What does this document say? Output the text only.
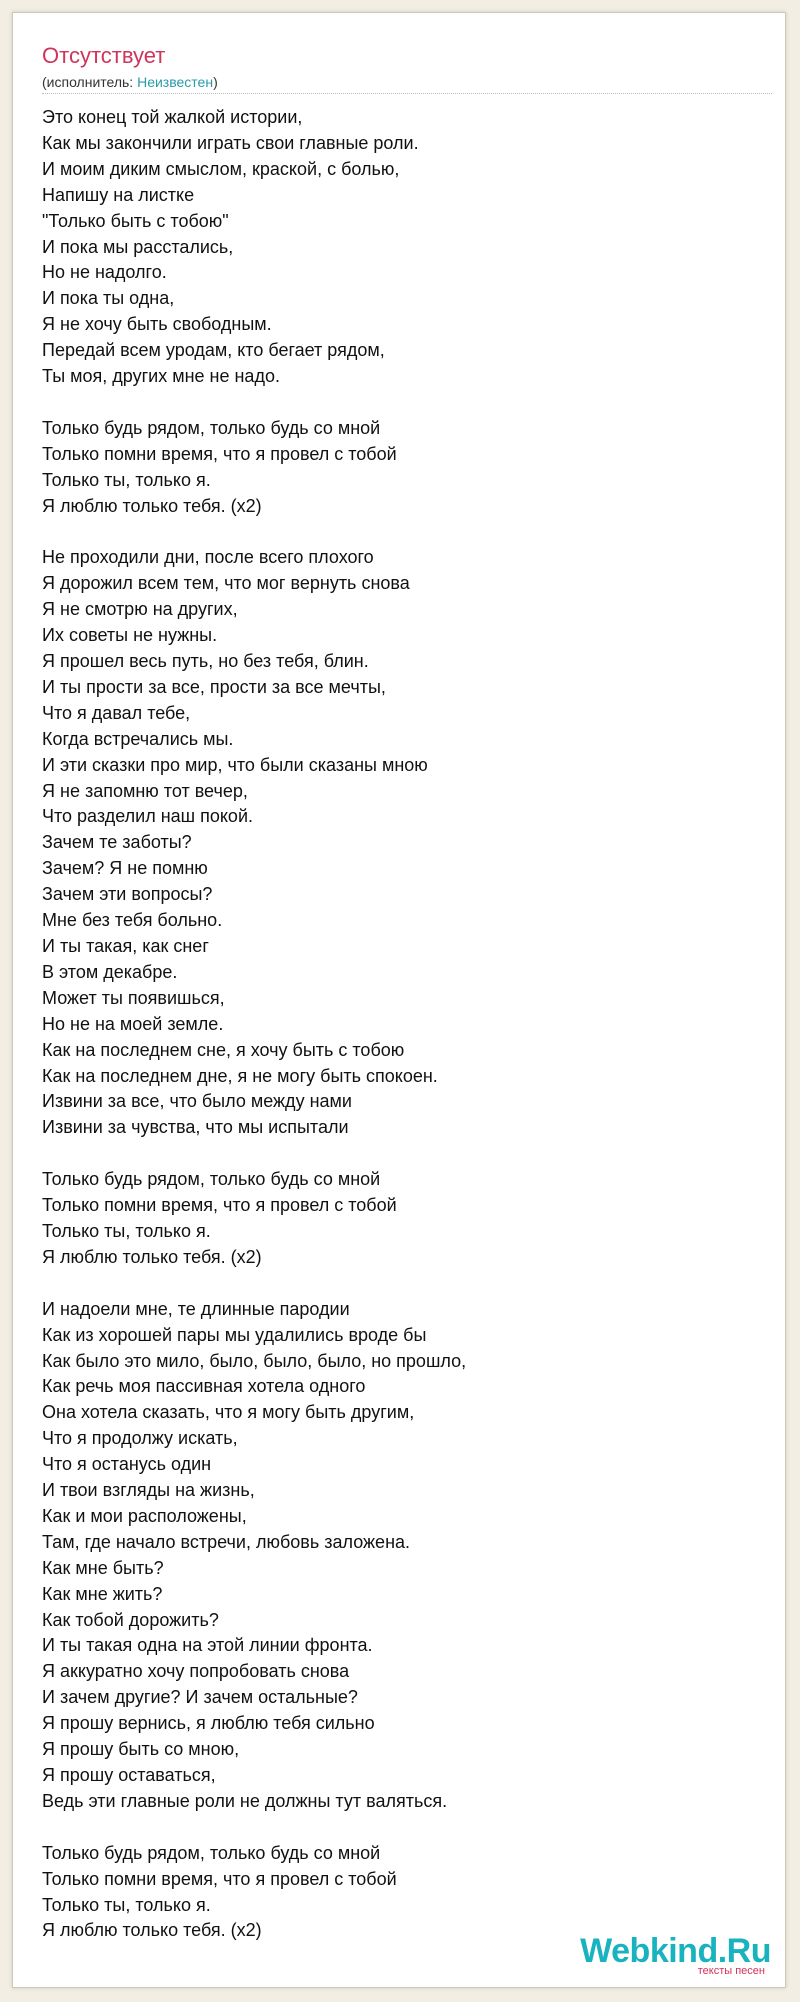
Отсутствует
(исполнитель: Неизвестен)
Это конец той жалкой истории,
Как мы закончили играть свои главные роли.
И моим диким смыслом, краской, с болью,
Напишу на листке
"Только быть с тобою"
И пока мы расстались,
Но не надолго.
И пока ты одна,
Я не хочу быть свободным.
Передай всем уродам, кто бегает рядом,
Ты моя, других мне не надо.

Только будь рядом, только будь со мной
Только помни время, что я провел с тобой
Только ты, только я.
Я люблю только тебя. (x2)

Не проходили дни, после всего плохого
Я дорожил всем тем, что мог вернуть снова
Я не смотрю на других,
Их советы не нужны.
Я прошел весь путь, но без тебя, блин.
И ты прости за все, прости за все мечты,
Что я давал тебе,
Когда встречались мы.
И эти сказки про мир, что были сказаны мною
Я не запомню тот вечер,
Что разделил наш покой.
Зачем те заботы?
Зачем? Я не помню
Зачем эти вопросы?
Мне без тебя больно.
И ты такая, как снег
В этом декабре.
Может ты появишься,
Но не на моей земле.
Как на последнем сне, я хочу быть с тобою
Как на последнем дне, я не могу быть спокоен.
Извини за все, что было между нами
Извини за чувства, что мы испытали

Только будь рядом, только будь со мной
Только помни время, что я провел с тобой
Только ты, только я.
Я люблю только тебя. (x2)

И надоели мне, те длинные пародии
Как из хорошей пары мы удалились вроде бы
Как было это мило, было, было, было, но прошло,
Как речь моя пассивная хотела одного
Она хотела сказать, что я могу быть другим,
Что я продолжу искать,
Что я останусь один
И твои взгляды на жизнь,
Как и мои расположены,
Там, где начало встречи, любовь заложена.
Как мне быть?
Как мне жить?
Как тобой дорожить?
И ты такая одна на этой линии фронта.
Я аккуратно хочу попробовать снова
И зачем другие? И зачем остальные?
Я прошу вернись, я люблю тебя сильно
Я прошу быть со мною,
Я прошу оставаться,
Ведь эти главные роли не должны тут валяться.

Только будь рядом, только будь со мной
Только помни время, что я провел с тобой
Только ты, только я.
Я люблю только тебя. (x2)
Webkind.Ru
тексты песен
